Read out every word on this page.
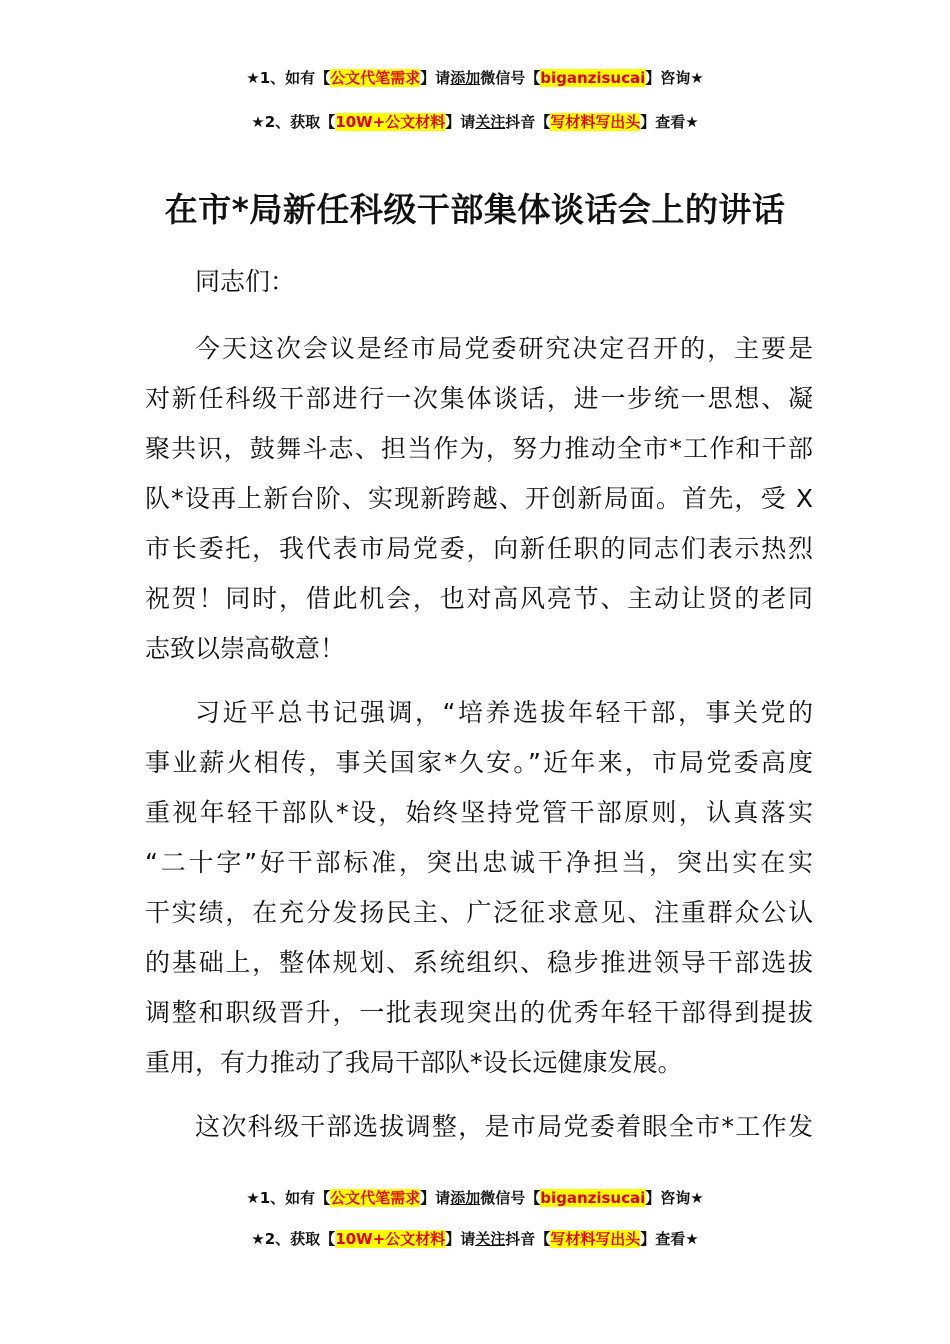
★1、如有【公文代笔需求】请添加微信号【biganzisucai】咨询★
★2、获取【10W+公文材料】请关注抖音【写材料写出头】查看★
在市*局新任科级干部集体谈话会上的讲话
同志们：
今天这次会议是经市局党委研究决定召开的，主要是
对新任科级干部进行一次集体谈话，进一步统一思想、凝
聚共识，鼓舞斗志、担当作为，努力推动全市*工作和干部
队*设再上新台阶、实现新跨越、开创新局面。首先，受 X
市长委托，我代表市局党委，向新任职的同志们表示热烈
祝贺！同时，借此机会，也对高风亮节、主动让贤的老同
志致以崇高敬意！
习近平总书记强调，“培养选拔年轻干部，事关党的
事业薪火相传，事关国家*久安。”近年来，市局党委高度
重视年轻干部队*设，始终坚持党管干部原则，认真落实
“二十字”好干部标准，突出忠诚干净担当，突出实在实
干实绩，在充分发扬民主、广泛征求意见、注重群众公认
的基础上，整体规划、系统组织、稳步推进领导干部选拔
调整和职级晋升，一批表现突出的优秀年轻干部得到提拔
重用，有力推动了我局干部队*设长远健康发展。
这次科级干部选拔调整，是市局党委着眼全市*工作发
★1、如有【公文代笔需求】请添加微信号【biganzisucai】咨询★
★2、获取【10W+公文材料】请关注抖音【写材料写出头】查看★
